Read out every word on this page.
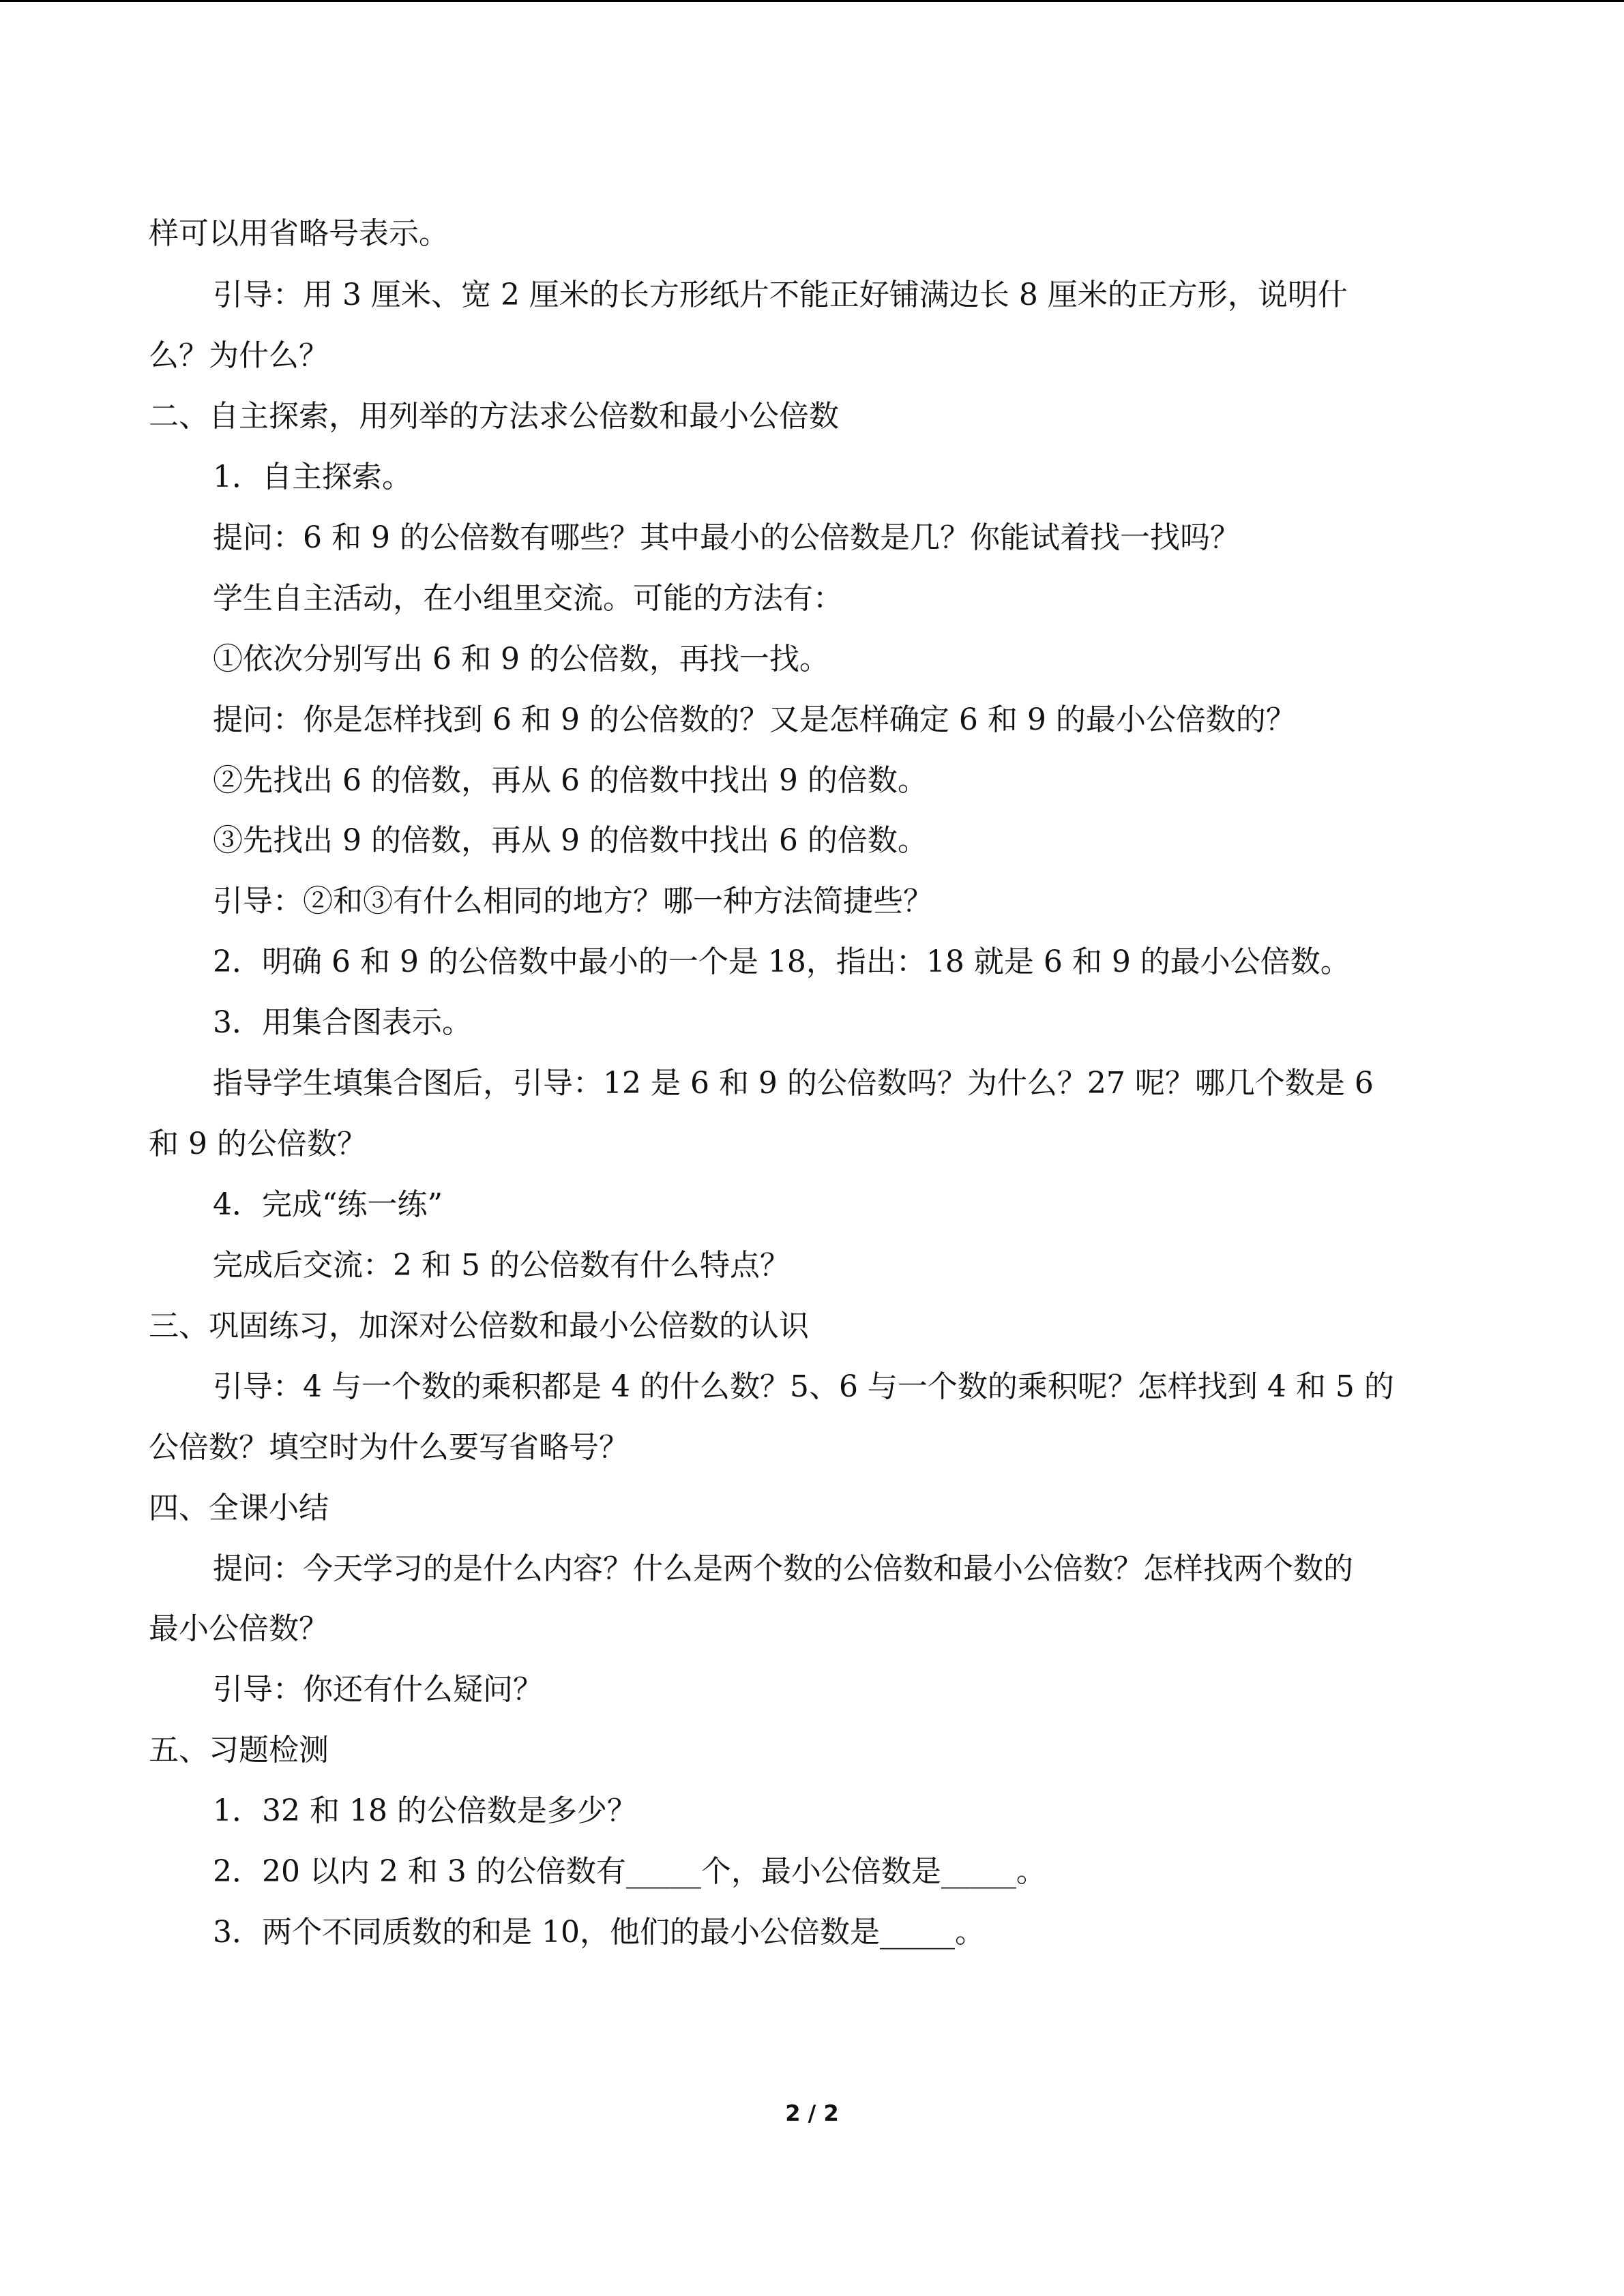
样可以用省略号表示。
引导：用 3 厘米、宽 2 厘米的长方形纸片不能正好铺满边长 8 厘米的正方形，说明什
么？为什么？
二、自主探索，用列举的方法求公倍数和最小公倍数
1．自主探索。
提问：6 和 9 的公倍数有哪些？其中最小的公倍数是几？你能试着找一找吗？
学生自主活动，在小组里交流。可能的方法有：
①依次分别写出 6 和 9 的公倍数，再找一找。
提问：你是怎样找到 6 和 9 的公倍数的？又是怎样确定 6 和 9 的最小公倍数的？
②先找出 6 的倍数，再从 6 的倍数中找出 9 的倍数。
③先找出 9 的倍数，再从 9 的倍数中找出 6 的倍数。
引导：②和③有什么相同的地方？哪一种方法简捷些？
2．明确 6 和 9 的公倍数中最小的一个是 18，指出：18 就是 6 和 9 的最小公倍数。
3．用集合图表示。
指导学生填集合图后，引导：12 是 6 和 9 的公倍数吗？为什么？27 呢？哪几个数是 6
和 9 的公倍数？
4．完成“练一练”
完成后交流：2 和 5 的公倍数有什么特点？
三、巩固练习，加深对公倍数和最小公倍数的认识
引导：4 与一个数的乘积都是 4 的什么数？5、6 与一个数的乘积呢？怎样找到 4 和 5 的
公倍数？填空时为什么要写省略号？
四、全课小结
提问：今天学习的是什么内容？什么是两个数的公倍数和最小公倍数？怎样找两个数的
最小公倍数？
引导：你还有什么疑问？
五、习题检测
1．32 和 18 的公倍数是多少？
2．20 以内 2 和 3 的公倍数有_____个，最小公倍数是_____。
3．两个不同质数的和是 10，他们的最小公倍数是_____。
2 / 2
